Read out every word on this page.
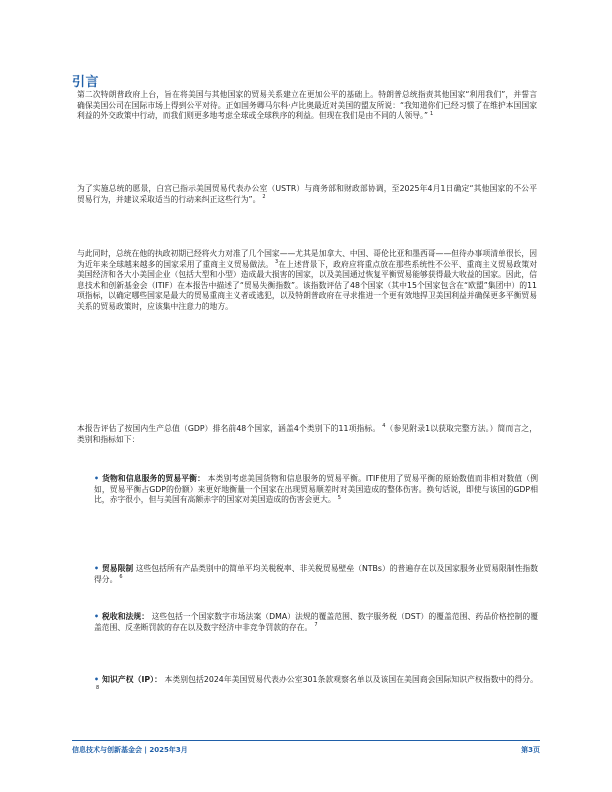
引言
第二次特朗普政府上台，旨在将美国与其他国家的贸易关系建立在更加公平的基础上。特朗普总统指责其他国家“利用我们”，并誓言确保美国公司在国际市场上得到公平对待。正如国务卿马尔科·卢比奥最近对美国的盟友所说：“我知道你们已经习惯了在维护本国国家利益的外交政策中行动，而我们则更多地考虑全球或全球秩序的利益。但现在我们是由不同的人领导。” $^1$
为了实施总统的愿景，白宫已指示美国贸易代表办公室（USTR）与商务部和财政部协调，至2025年4月1日确定“其他国家的不公平贸易行为，并建议采取适当的行动来纠正这些行为”。 $^2$
与此同时，总统在他的执政初期已经将火力对准了几个国家——尤其是加拿大、中国、哥伦比亚和墨西哥——但待办事项清单很长，因为近年来全球越来越多的国家采用了重商主义贸易做法。 $^3$在上述背景下，政府应将重点放在那些系统性不公平、重商主义贸易政策对美国经济和各大小美国企业（包括大型和小型）造成最大损害的国家，以及美国通过恢复平衡贸易能够获得最大收益的国家。因此，信息技术和创新基金会（ITIF）在本报告中描述了“贸易失衡指数”。该指数评估了48个国家（其中15个国家包含在“欧盟”集团中）的11项指标，以确定哪些国家是最大的贸易重商主义者或逃犯，以及特朗普政府在寻求推进一个更有效地捍卫美国利益并确保更多平衡贸易关系的贸易政策时，应该集中注意力的地方。
本报告评估了按国内生产总值（GDP）排名前48个国家，涵盖4个类别下的11项指标。 $^4$（参见附录1以获取完整方法。）简而言之，类别和指标如下：
• 货物和信息服务的贸易平衡： 本类别考虑美国货物和信息服务的贸易平衡。ITIF使用了贸易平衡的原始数值而非相对数值（例如，贸易平衡占GDP的份额）来更好地衡量一个国家在出现贸易顺差时对美国造成的整体伤害。换句话说，即使与该国的GDP相比，赤字很小，但与美国有高额赤字的国家对美国造成的伤害会更大。 $^5$
• 贸易限制 这些包括所有产品类别中的简单平均关税税率、非关税贸易壁垒（NTBs）的普遍存在以及国家服务业贸易限制性指数得分。 $^6$
• 税收和法规： 这些包括一个国家数字市场法案（DMA）法规的覆盖范围、数字服务税（DST）的覆盖范围、药品价格控制的覆盖范围、反垄断罚款的存在以及数字经济中非竞争罚款的存在。 $^7$
• 知识产权（IP）： 本类别包括2024年美国贸易代表办公室301条款观察名单以及该国在美国商会国际知识产权指数中的得分。$^8$
信息技术与创新基金会 | 2025年3月	第3页
